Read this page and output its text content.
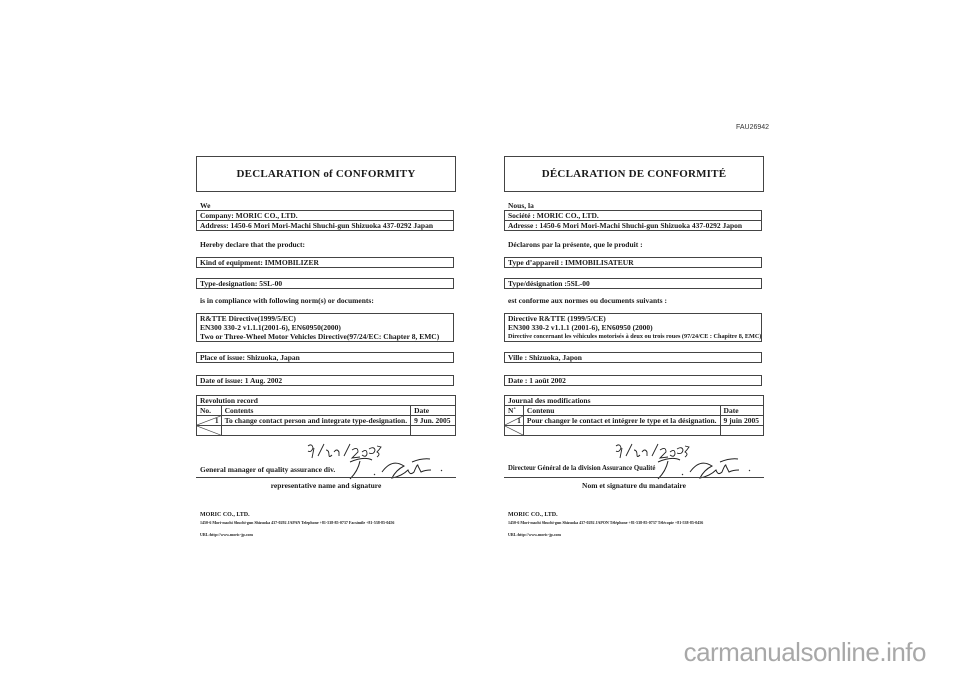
FAU26942
DECLARATION of CONFORMITY
We
Company: MORIC CO., LTD.
Address: 1450-6 Mori Mori-Machi Shuchi-gun Shizuoka 437-0292 Japan
Hereby declare that the product:
Kind of equipment: IMMOBILIZER
Type-designation: 5SL-00
is in compliance with following norm(s) or documents:
R&TTE Directive(1999/5/EC)
EN300 330-2 v1.1.1(2001-6), EN60950(2000)
Two or Three-Wheel Motor Vehicles Directive(97/24/EC: Chapter 8, EMC)
Place of issue: Shizuoka, Japan
Date of issue: 1 Aug. 2002
Revolution record		
No.	Contents	Date

1	To change contact person and integrate type-designation.	9 Jun. 2005

General manager of quality assurance div.
representative name and signature
MORIC CO., LTD.
1450-6 Mori-machi Shuchi-gun Shizuoka 437-0292 JAPAN Telephone +81-538-85-0737 Facsimile +81-538-85-0456
URL:http://www.moric-jp.com
DÉCLARATION DE CONFORMITÉ
Nous, la
Société : MORIC CO., LTD.
Adresse : 1450-6 Mori Mori-Machi Shuchi-gun Shizuoka 437-0292 Japon
Déclarons par la présente, que le produit :
Type d’appareil : IMMOBILISATEUR
Type/désignation :5SL-00
est conforme aux normes ou documents suivants :
Directive R&TTE (1999/5/CE)
EN300 330-2 v1.1.1 (2001-6), EN60950 (2000)
Directive concernant les véhicules motorisés à deux ou trois roues (97/24/CE : Chapitre 8, EMC)
Ville : Shizuoka, Japon
Date : 1 août 2002
Journal des modifications		
N˚	Contenu	Date

1	Pour changer le contact et intégrer le type et la désignation.	9 juin 2005

Directeur Général de la division Assurance Qualité
Nom et signature du mandataire
MORIC CO., LTD.
1450-6 Mori-machi Shuchi-gun Shizuoka 437-0292 JAPON Téléphone +81-538-85-0737 Télécopie +81-538-85-0456
URL:http://www.moric-jp.com
carmanualsonline.info
